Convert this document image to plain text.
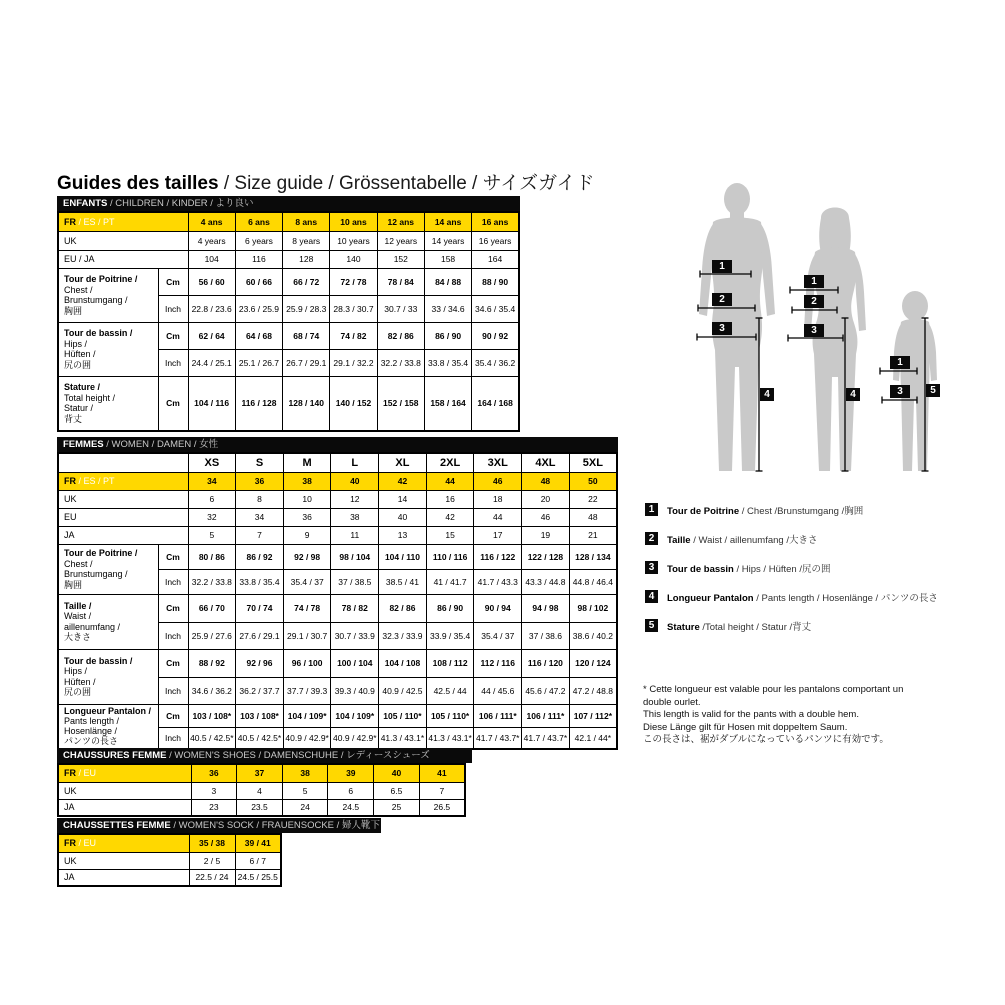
Guides des tailles / Size guide / Grössentabelle / サイズガイド
ENFANTS / CHILDREN / KINDER / より良い
FR / ES / PT		4 ans	6 ans	8 ans	10 ans	12 ans	14 ans	16 ans
UK		4 years	6 years	8 years	10 years	12 years	14 years	16 years
EU / JA		104	116	128	140	152	158	164

Tour de Poitrine /
Chest /
Brunstumgang /
胸囲	Cm	56 / 60	60 / 66	66 / 72	72 / 78	78 / 84	84 / 88	88 / 90
	Inch	22.8 / 23.6	23.6 / 25.9	25.9 / 28.3	28.3 / 30.7	30.7 / 33	33 / 34.6	34.6 / 35.4

Tour de bassin /
Hips /
Hüften /
尻の囲	Cm	62 / 64	64 / 68	68 / 74	74 / 82	82 / 86	86 / 90	90 / 92
	Inch	24.4 / 25.1	25.1 / 26.7	26.7 / 29.1	29.1 / 32.2	32.2 / 33.8	33.8 / 35.4	35.4 / 36.2

Stature /
Total height /
Statur /
背丈	Cm	104 / 116	116 / 128	128 / 140	140 / 152	152 / 158	158 / 164	164 / 168
FEMMES / WOMEN / DAMEN / 女性
		XS	S	M	L	XL	2XL	3XL	4XL	5XL
FR / ES / PT		34	36	38	40	42	44	46	48	50
UK		6	8	10	12	14	16	18	20	22
EU		32	34	36	38	40	42	44	46	48
JA		5	7	9	11	13	15	17	19	21

Tour de Poitrine /
Chest /
Brunstumgang /
胸囲	Cm	80 / 86	86 / 92	92 / 98	98 / 104	104 / 110	110 / 116	116 / 122	122 / 128	128 / 134
	Inch	32.2 / 33.8	33.8 / 35.4	35.4 / 37	37 / 38.5	38.5 / 41	41 / 41.7	41.7 / 43.3	43.3 / 44.8	44.8 / 46.4

Taille /
Waist /
aillenumfang /
大きさ	Cm	66 / 70	70 / 74	74 / 78	78 / 82	82 / 86	86 / 90	90 / 94	94 / 98	98 / 102
	Inch	25.9 / 27.6	27.6 / 29.1	29.1 / 30.7	30.7 / 33.9	32.3 / 33.9	33.9 / 35.4	35.4 / 37	37 / 38.6	38.6 / 40.2

Tour de bassin /
Hips /
Hüften /
尻の囲	Cm	88 / 92	92 / 96	96 / 100	100 / 104	104 / 108	108 / 112	112 / 116	116 / 120	120 / 124
	Inch	34.6 / 36.2	36.2 / 37.7	37.7 / 39.3	39.3 / 40.9	40.9 / 42.5	42.5 / 44	44 / 45.6	45.6 / 47.2	47.2 / 48.8

Longueur Pantalon /
Pants length /
Hosenlänge /
パンツの長さ	Cm	103 / 108*	103 / 108*	104 / 109*	104 / 109*	105 / 110*	105 / 110*	106 / 111*	106 / 111*	107 / 112*
	Inch	40.5 / 42.5*	40.5 / 42.5*	40.9 / 42.9*	40.9 / 42.9*	41.3 / 43.1*	41.3 / 43.1*	41.7 / 43.7*	41.7 / 43.7*	42.1 / 44*
CHAUSSURES FEMME / WOMEN'S SHOES / DAMENSCHUHE / レディースシューズ
FR / EU	36	37	38	39	40	41
UK	3	4	5	6	6.5	7
JA	23	23.5	24	24.5	25	26.5
CHAUSSETTES FEMME / WOMEN'S SOCK / FRAUENSOCKE / 婦人靴下
FR / EU	35 / 38	39 / 41
UK	2 / 5	6 / 7
JA	22.5 / 24	24.5 / 25.5
1
2
3
4
1
2
3
4
1
3	5
1	Tour de Poitrine / Chest /Brunstumgang /胸囲
2	Taille / Waist / aillenumfang /大きさ
3	Tour de bassin / Hips / Hüften /尻の囲
4	Longueur Pantalon / Pants length / Hosenlänge / パンツの長さ
5	Stature /Total height / Statur /背丈
* Cette longueur est valable pour les pantalons comportant un
double ourlet.
This length is valid for the pants with a double hem.
Diese Länge gilt für Hosen mit doppeltem Saum.
この長さは、裾がダブルになっているパンツに有効です。
